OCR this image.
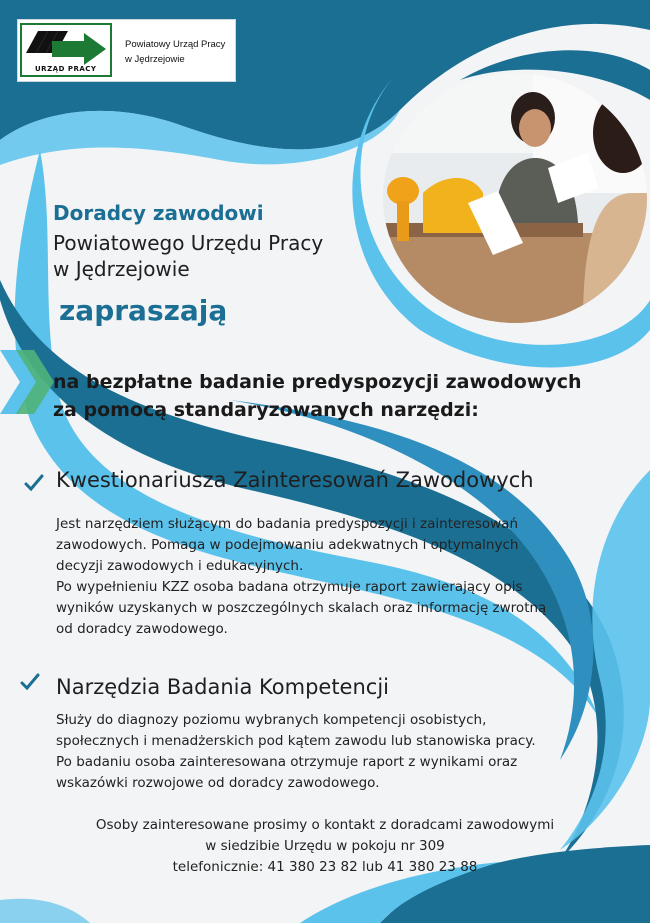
URZĄD PRACY
Powiatowy Urząd Pracy
w Jędrzejowie
Doradcy zawodowi
Powiatowego Urzędu Pracy
w Jędrzejowie
zapraszają
na bezpłatne badanie predyspozycji zawodowych
za pomocą standaryzowanych narzędzi:
Kwestionariusza Zainteresowań Zawodowych

Jest narzędziem służącym do badania predyspozycji i zainteresowań

zawodowych. Pomaga w podejmowaniu adekwatnych i optymalnych

decyzji zawodowych i edukacyjnych.

Po wypełnieniu KZZ osoba badana otrzymuje raport zawierający opis

wyników uzyskanych w poszczególnych skalach oraz informację zwrotną

od doradcy zawodowego.

Narzędzia Badania Kompetencji

Służy do diagnozy poziomu wybranych kompetencji osobistych,

społecznych i menadżerskich pod kątem zawodu lub stanowiska pracy.

Po badaniu osoba zainteresowana otrzymuje raport z wynikami oraz

wskazówki rozwojowe od doradcy zawodowego.

Osoby zainteresowane prosimy o kontakt z doradcami zawodowymi

w siedzibie Urzędu w pokoju nr 309

telefonicznie: 41 380 23 82 lub 41 380 23 88
